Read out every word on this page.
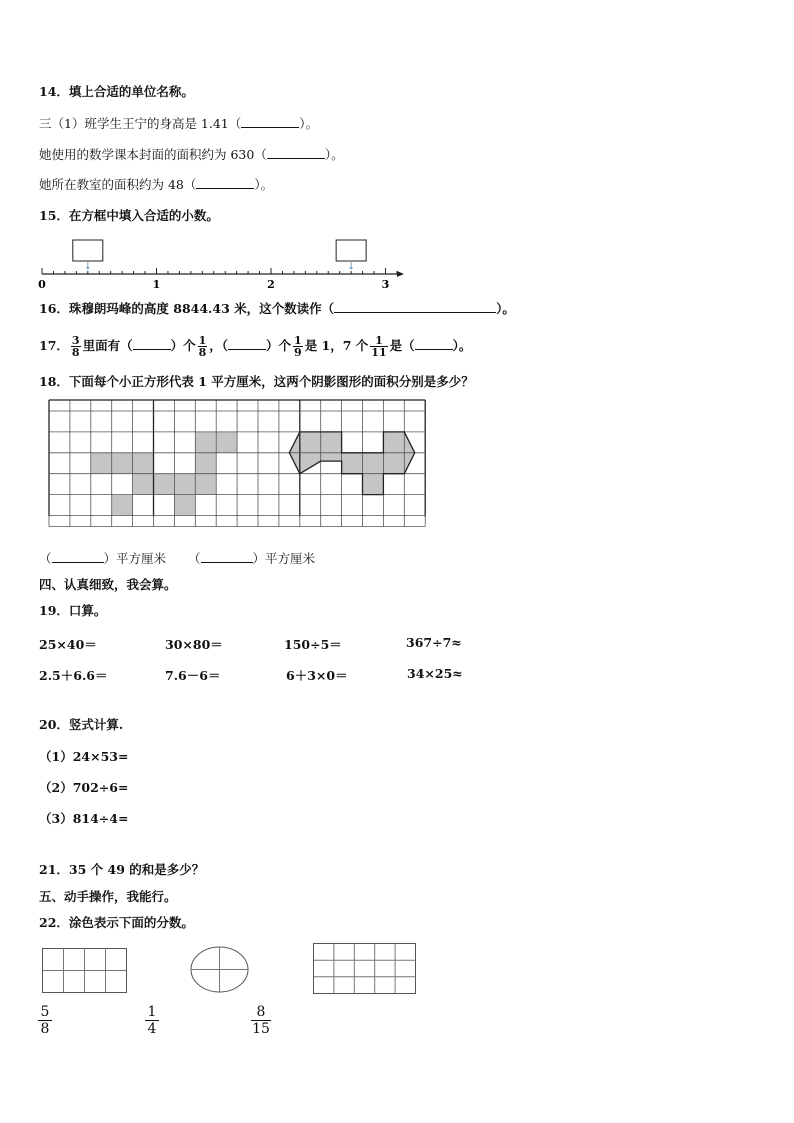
14．填上合适的单位名称。
三（1）班学生王宁的身高是 1.41（	）。
她使用的数学课本封面的面积约为 630（	）。
她所在教室的面积约为 48（	）。
15．在方框中填入合适的小数。
0	1	2	3
16．珠穆朗玛峰的高度 8844.43 米，这个数读作（	）。
17． $\frac{3}{8}$ 里面有（	）个 $\frac{1}{8}$ ，（	）个 $\frac{1}{9}$ 是 1，7 个 $\frac{1}{11}$ 是（	）。
18．下面每个小正方形代表 1 平方厘米，这两个阴影图形的面积分别是多少？
（	）平方厘米 （	）平方厘米
四、认真细致，我会算。
19．口算。
25×40＝	30×80＝	150÷5＝	367÷7≈
2.5＋6.6＝	7.6－6＝	6＋3×0＝	34×25≈
20．竖式计算.
（1）24×53=
（2）702÷6=
（3）814÷4=
21．35 个 49 的和是多少？
五、动手操作，我能行。
22．涂色表示下面的分数。
$\frac{5}{8}$	$\frac{1}{4}$	$\frac{8}{15}$
